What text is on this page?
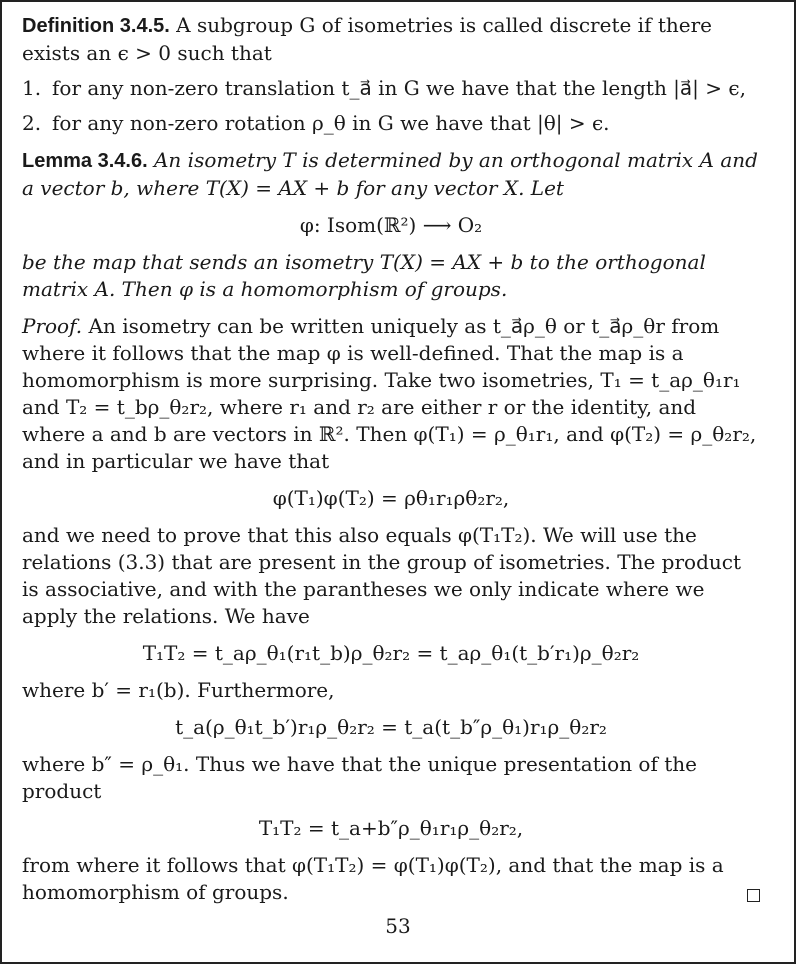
Definition 3.4.5. A subgroup G of isometries is called discrete if there exists an ϵ > 0 such that

1. for any non-zero translation t_a⃗ in G we have that the length |a⃗| > ϵ,
2. for any non-zero rotation ρ_θ in G we have that |θ| > ϵ.

Lemma 3.4.6. An isometry T is determined by an orthogonal matrix A and a vector b, where T(X) = AX + b for any vector X. Let

φ: Isom(ℝ²) ⟶ O₂

be the map that sends an isometry T(X) = AX + b to the orthogonal matrix A. Then φ is a homomorphism of groups.

Proof. An isometry can be written uniquely as t_a⃗ρ_θ or t_a⃗ρ_θr from where it follows that the map φ is well-defined. That the map is a homomorphism is more surprising. Take two isometries, T₁ = t_aρ_θ₁r₁ and T₂ = t_bρ_θ₂r₂, where r₁ and r₂ are either r or the identity, and where a and b are vectors in ℝ². Then φ(T₁) = ρ_θ₁r₁, and φ(T₂) = ρ_θ₂r₂, and in particular we have that

φ(T₁)φ(T₂) = ρθ₁r₁ρθ₂r₂,

and we need to prove that this also equals φ(T₁T₂). We will use the relations (3.3) that are present in the group of isometries. The product is associative, and with the parantheses we only indicate where we apply the relations. We have

T₁T₂ = t_aρ_θ₁(r₁t_b)ρ_θ₂r₂ = t_aρ_θ₁(t_b′r₁)ρ_θ₂r₂

where b′ = r₁(b). Furthermore,

t_a(ρ_θ₁t_b′)r₁ρ_θ₂r₂ = t_a(t_b″ρ_θ₁)r₁ρ_θ₂r₂

where b″ = ρ_θ₁. Thus we have that the unique presentation of the product

T₁T₂ = t_a+b″ρ_θ₁r₁ρ_θ₂r₂,

from where it follows that φ(T₁T₂) = φ(T₁)φ(T₂), and that the map is a homomorphism of groups.

53
